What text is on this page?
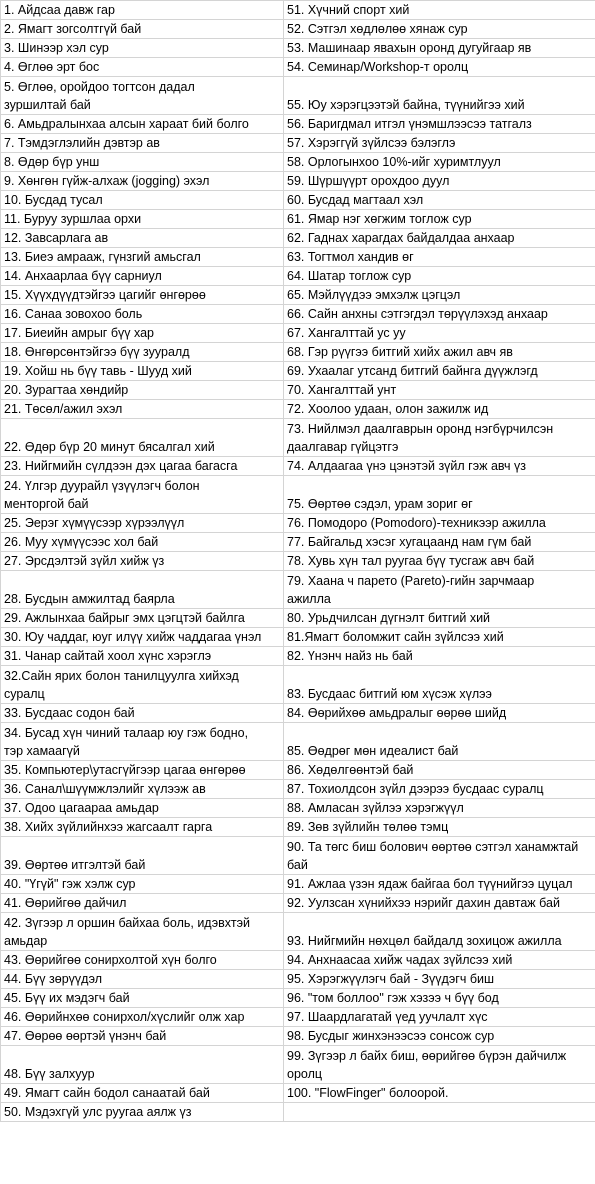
1. Айдсаа давж гар	51. Хүчний спорт хий
2. Ямагт зогсолтгүй бай	52. Сэтгэл хөдлөлөө хянаж сур
3. Шинээр хэл сур	53. Машинаар явахын оронд дугуйгаар яв
4. Өглөө эрт бос	54. Семинар/Workshop-т оролц
5. Өглөө, оройдоо тогтсон дадал
зуршилтай бай	55. Юу хэрэгцээтэй байна, түүнийгээ хий
6. Амьдралынхаа алсын хараат бий болго	56. Баригдмал итгэл үнэмшлээсээ татгалз
7. Тэмдэглэлийн дэвтэр ав	57. Хэрэггүй зүйлсээ бэлэглэ
8. Өдөр бүр унш	58. Орлогынхоо 10%-ийг хуримтлуул
9. Хөнгөн гүйж-алхаж (jogging) эхэл	59. Шүршүүрт орохдоо дуул
10. Бусдад тусал	60. Бусдад магтаал хэл
11. Буруу зуршлаа орхи	61. Ямар нэг хөгжим тоглож сур
12. Завсарлага ав	62. Гаднах харагдах байдалдаа анхаар
13. Биеэ амрааж, гүнзгий амьсгал	63. Тогтмол хандив өг
14. Анхаарлаа бүү сарниул	64. Шатар тоглож сур
15. Хүүхдүүдтэйгээ цагийг өнгөрөө	65. Мэйлүүдээ эмхэлж цэгцэл
16. Санаа зовохоо боль	66. Сайн анхны сэтгэгдэл төрүүлэхэд анхаар
17. Биеийн амрыг бүү хар	67. Хангалттай ус уу
18. Өнгөрсөнтэйгээ бүү зууралд	68. Гэр рүүгээ битгий хийх ажил авч яв
19. Хойш нь бүү тавь - Шууд хий	69. Ухаалаг утсанд битгий байнга дүүжлэгд
20. Зурагтаа хөндийр	70. Хангалттай унт
21. Төсөл/ажил эхэл	72. Хоолоо удаан, олон зажилж ид
22. Өдөр бүр 20 минут бясалгал хий	73. Нийлмэл даалгаврын оронд нэгбүрчилсэн
даалгавар гүйцэтгэ
23. Нийгмийн сүлдээн дэх цагаа багасга	74. Алдаагаа үнэ цэнэтэй зүйл гэж авч үз
24. Үлгэр дуурайл үзүүлэгч болон
менторгой бай	75. Өөртөө сэдэл, урам зориг өг
25. Эерэг хүмүүсээр хүрээлүүл	76. Помодоро (Pomodoro)-техникээр ажилла
26. Муу хүмүүсээс хол бай	77. Байгальд хэсэг хугацаанд нам гүм бай
27. Эрсдэлтэй зүйл хийж үз	78. Хувь хүн тал руугаа бүү тусгаж авч бай
28. Бусдын амжилтад баярла	79. Хаана ч парето (Pareto)-гийн зарчмаар
ажилла
29. Ажлынхаа байрыг эмх цэгцтэй байлга	80. Урьдчилсан дүгнэлт битгий хий
30. Юу чаддаг, юуг илүү хийж чаддагаа үнэл	81.Ямагт боломжит сайн зүйлсээ хий
31. Чанар сайтай хоол хүнс хэрэглэ	82. Үнэнч найз нь бай
32.Сайн ярих болон танилцуулга хийхэд
суралц	83. Бусдаас битгий юм хүсэж хүлээ
33. Бусдаас содон бай	84. Өөрийхөө амьдралыг өөрөө шийд
34. Бусад хүн чиний талаар юу гэж бодно,
тэр хамаагүй	85. Өөдрөг мөн идеалист бай
35. Компьютер\утасгүйгээр цагаа өнгөрөө	86. Хөдөлгөөнтэй бай
36. Санал\шүүмжлэлийг хүлээж ав	87. Тохиолдсон зүйл дээрээ бусдаас суралц
37. Одоо цагаараа амьдар	88. Амласан зүйлээ хэрэгжүүл
38. Хийх зүйлийнхээ жагсаалт гарга	89. Зөв зүйлийн төлөө тэмц
39. Өөртөө итгэлтэй бай	90. Та төгс биш болович өөртөө сэтгэл ханамжтай
бай
40. "Үгүй" гэж хэлж сур	91. Ажлаа үзэн ядаж байгаа бол түүнийгээ цуцал
41. Өөрийгөө дайчил	92. Уулзсан хүнийхээ нэрийг дахин давтаж бай
42. Зүгээр л оршин байхаа боль, идэвхтэй
амьдар	93. Нийгмийн нөхцөл байдалд зохицож ажилла
43. Өөрийгөө сонирхолтой хүн болго	94. Анхнаасаа хийж чадах зүйлсээ хий
44. Бүү зөрүүдэл	95. Хэрэгжүүлэгч бай - Зүүдэгч биш
45. Бүү их мэдэгч бай	96. "том боллоо" гэж хэзээ ч бүү бод
46. Өөрийнхөө сонирхол/хүслийг олж хар	97. Шаардлагатай үед уучлалт хүс
47. Өөрөө өөртэй үнэнч бай	98. Бусдыг жинхэнээсээ сонсож сур
48. Бүү залхуур	99. Зүгээр л байх биш, өөрийгөө бүрэн дайчилж
оролц
49. Ямагт сайн бодол санаатай бай	100. "FlowFinger" болоорой.
50. Мэдэхгүй улс руугаа аялж үз	
